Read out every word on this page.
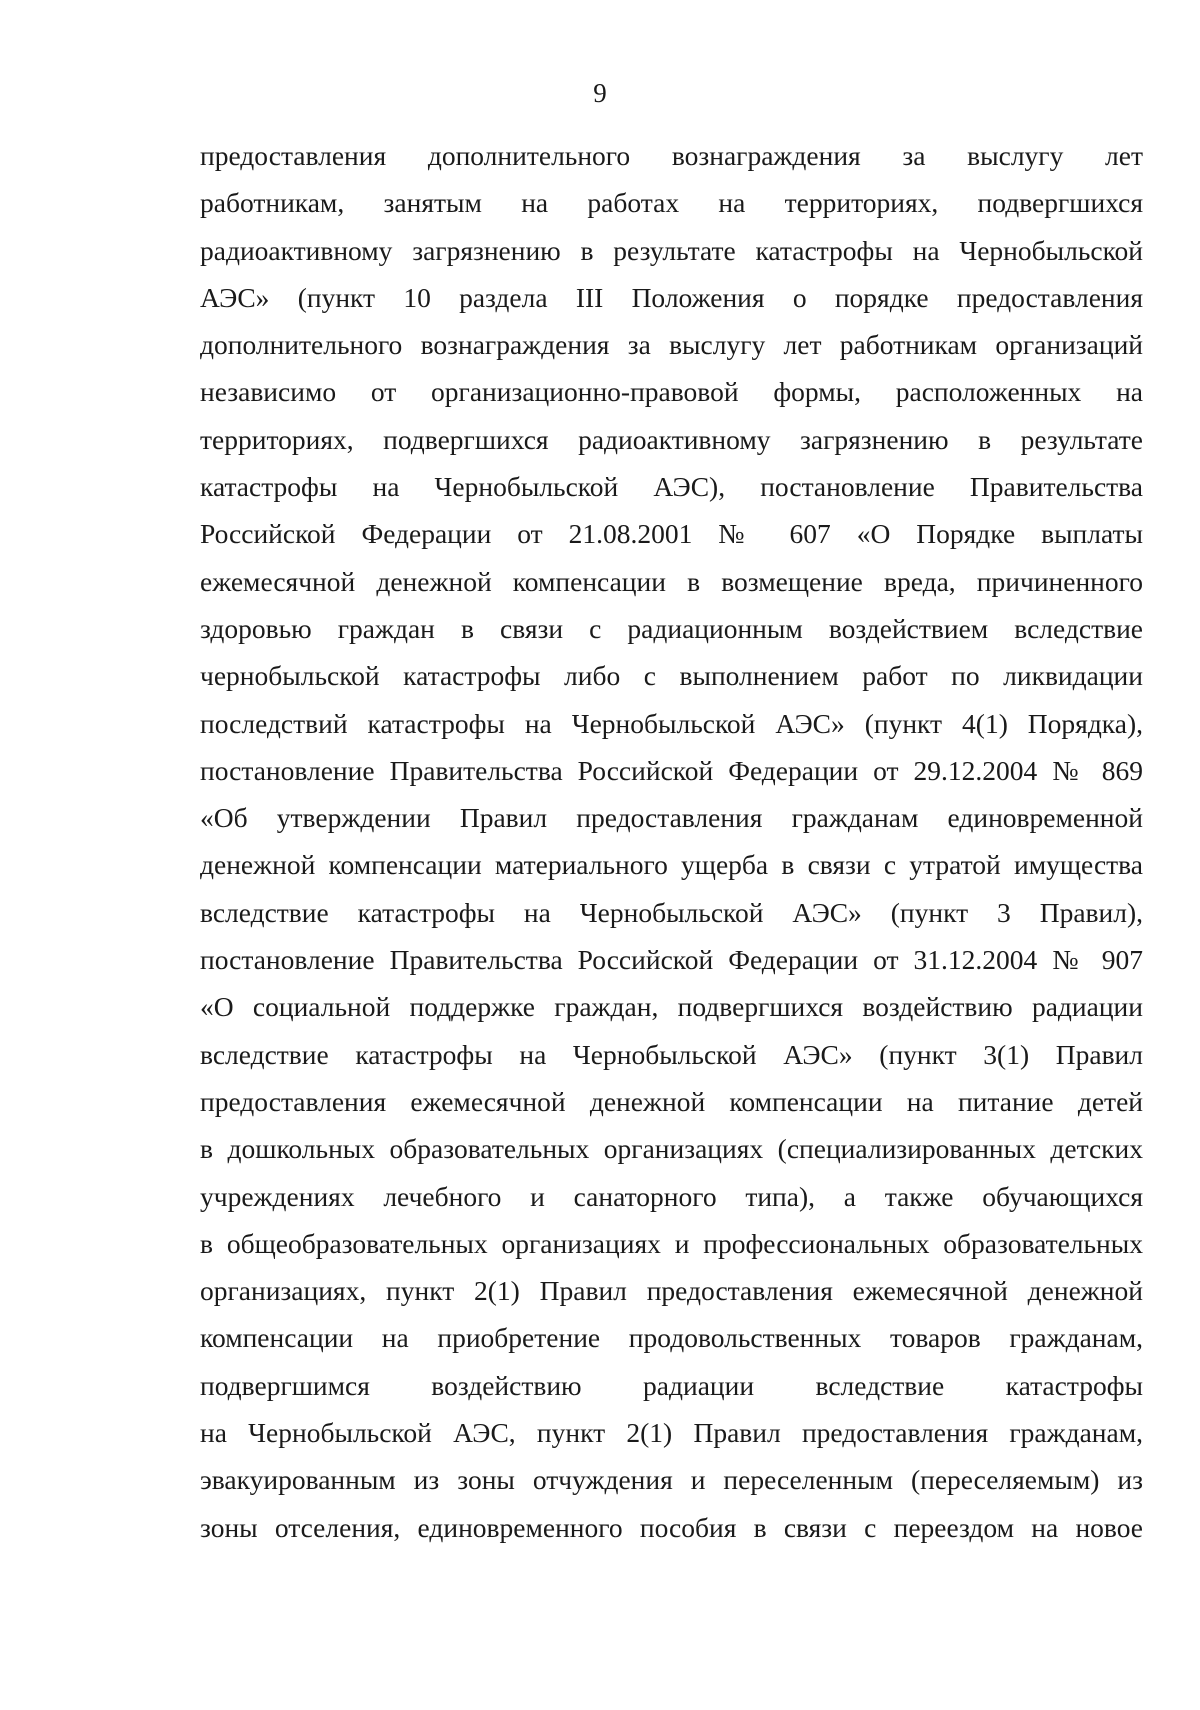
9
предоставления дополнительного вознаграждения за выслугу лет
работникам, занятым на работах на территориях, подвергшихся
радиоактивному загрязнению в результате катастрофы на Чернобыльской
АЭС» (пункт 10 раздела III Положения о порядке предоставления
дополнительного вознаграждения за выслугу лет работникам организаций
независимо от организационно-правовой формы, расположенных на
территориях, подвергшихся радиоактивному загрязнению в результате
катастрофы на Чернобыльской АЭС), постановление Правительства
Российской Федерации от 21.08.2001 № 607 «О Порядке выплаты
ежемесячной денежной компенсации в возмещение вреда, причиненного
здоровью граждан в связи с радиационным воздействием вследствие
чернобыльской катастрофы либо с выполнением работ по ликвидации
последствий катастрофы на Чернобыльской АЭС» (пункт 4(1) Порядка),
постановление Правительства Российской Федерации от 29.12.2004 № 869
«Об утверждении Правил предоставления гражданам единовременной
денежной компенсации материального ущерба в связи с утратой имущества
вследствие катастрофы на Чернобыльской АЭС» (пункт 3 Правил),
постановление Правительства Российской Федерации от 31.12.2004 № 907
«О социальной поддержке граждан, подвергшихся воздействию радиации
вследствие катастрофы на Чернобыльской АЭС» (пункт 3(1) Правил
предоставления ежемесячной денежной компенсации на питание детей
в дошкольных образовательных организациях (специализированных детских
учреждениях лечебного и санаторного типа), а также обучающихся
в общеобразовательных организациях и профессиональных образовательных
организациях, пункт 2(1) Правил предоставления ежемесячной денежной
компенсации на приобретение продовольственных товаров гражданам,
подвергшимся воздействию радиации вследствие катастрофы
на Чернобыльской АЭС, пункт 2(1) Правил предоставления гражданам,
эвакуированным из зоны отчуждения и переселенным (переселяемым) из
зоны отселения, единовременного пособия в связи с переездом на новое
